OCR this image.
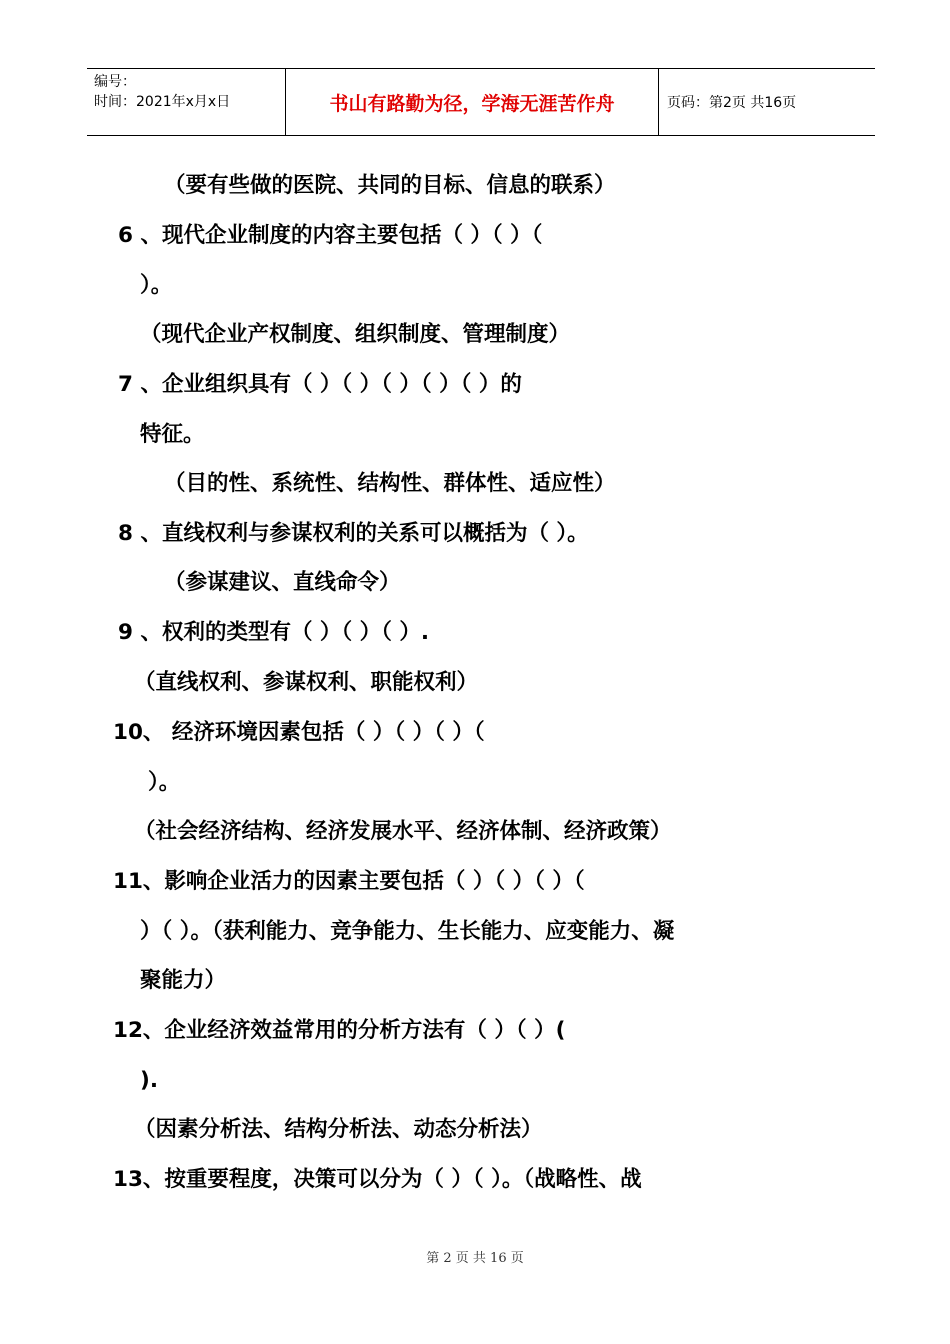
编号：
时间：2021年x月x日	书山有路勤为径，学海无涯苦作舟	页码：第2页 共16页
（要有些做的医院、共同的目标、信息的联系）
6 、现代企业制度的内容主要包括（ ）（ ）（
）。
（现代企业产权制度、组织制度、管理制度）
7 、企业组织具有（ ）（ ）（ ）（ ）（ ）的
特征。
（目的性、系统性、结构性、群体性、适应性）
8 、直线权利与参谋权利的关系可以概括为（ ）。
（参谋建议、直线命令）
9 、权利的类型有（ ）（ ）（ ）.
（直线权利、参谋权利、职能权利）
10、 经济环境因素包括（ ）（ ）（ ）（
）。
（社会经济结构、经济发展水平、经济体制、经济政策）
11、影响企业活力的因素主要包括（ ）（ ）（ ）（
）（ ）。（获利能力、竞争能力、生长能力、应变能力、凝
聚能力）
12、企业经济效益常用的分析方法有（ ）（ ）(
).
（因素分析法、结构分析法、动态分析法）
13、按重要程度，决策可以分为（ ）（ ）。（战略性、战
第 2 页 共 16 页
